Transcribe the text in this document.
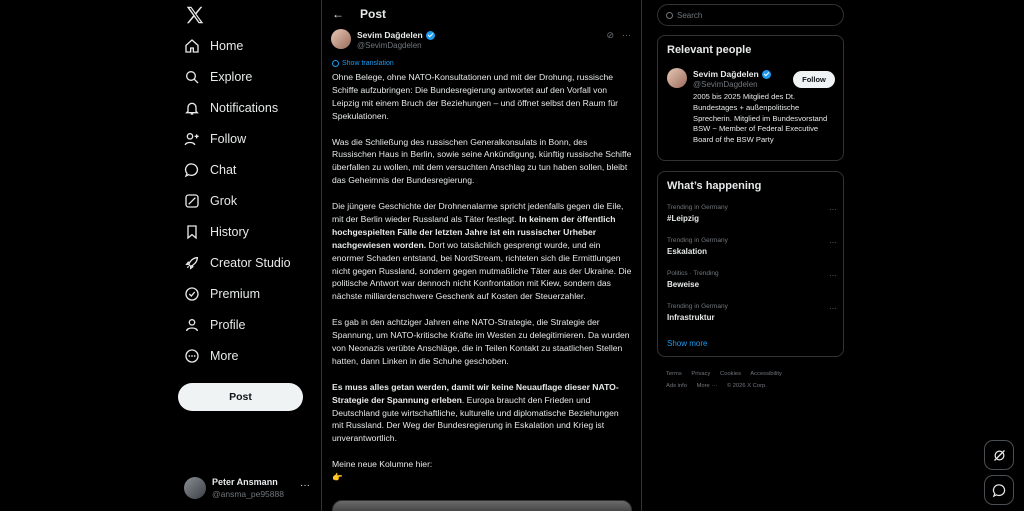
Home
Explore
Notifications
Follow
Chat
Grok
History
Creator Studio
Premium
Profile
More
Post
Peter Ansmann
@ansma_pe95888
···
← Post
Sevim Dağdelen
@SevimDagdelen
⊘ ···
Show translation

Ohne Belege, ohne NATO-Konsultationen und mit der Drohung, russische Schiffe aufzubringen: Die Bundesregierung antwortet auf den Vorfall von Leipzig mit einem Bruch der Beziehungen – und öffnet selbst den Raum für Spekulationen.

Was die Schließung des russischen Generalkonsulats in Bonn, des Russischen Haus in Berlin, sowie seine Ankündigung, künftig russische Schiffe überfallen zu wollen, mit dem versuchten Anschlag zu tun haben sollen, bleibt das Geheimnis der Bundesregierung.

Die jüngere Geschichte der Drohnenalarme spricht jedenfalls gegen die Eile, mit der Berlin wieder Russland als Täter festlegt. In keinem der öffentlich hochgespielten Fälle der letzten Jahre ist ein russischer Urheber nachgewiesen worden. Dort wo tatsächlich gesprengt wurde, und ein enormer Schaden entstand, bei NordStream, richteten sich die Ermittlungen nicht gegen Russland, sondern gegen mutmaßliche Täter aus der Ukraine. Die politische Antwort war dennoch nicht Konfrontation mit Kiew, sondern das nächste milliardenschwere Geschenk auf Kosten der Steuerzahler.

Es gab in den achtziger Jahren eine NATO-Strategie, die Strategie der Spannung, um NATO-kritische Kräfte im Westen zu delegitimieren. Da wurden von Neonazis verübte Anschläge, die in Teilen Kontakt zu staatlichen Stellen hatten, dann Linken in die Schuhe geschoben.

Es muss alles getan werden, damit wir keine Neuauflage dieser NATO-Strategie der Spannung erleben. Europa braucht den Frieden und Deutschland gute wirtschaftliche, kulturelle und diplomatische Beziehungen mit Russland. Der Weg der Bundesregierung in Eskalation und Krieg ist unverantwortlich.

Meine neue Kolumne hier:
👉
Search
Relevant people
Sevim Dağdelen
@SevimDagdelen
Follow
2005 bis 2025 Mitglied des Dt. Bundestages + außenpolitische Sprecherin. Mitglied im Bundesvorstand BSW ~ Member of Federal Executive Board of the BSW Party
What’s happening
Trending in Germany
#Leipzig
···
Trending in Germany
Eskalation
···
Politics · Trending
Beweise
···
Trending in Germany
Infrastruktur
···
Show more
Terms Privacy Cookies Accessibility
Ads info More ··· © 2026 X Corp.
